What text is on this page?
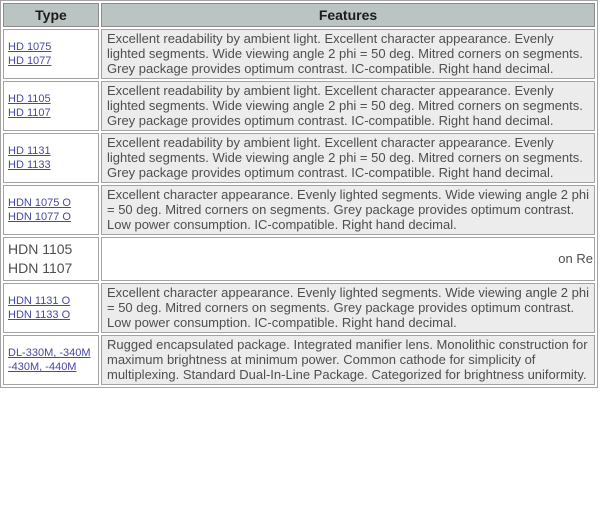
Type	Features

HD 1075
HD 1077	Excellent readability by ambient light. Excellent character appearance. Evenly lighted segments. Wide viewing angle 2 phi = 50 deg. Mitred corners on segments. Grey package provides optimum contrast. IC-compatible. Right hand decimal.

HD 1105
HD 1107	Excellent readability by ambient light. Excellent character appearance. Evenly lighted segments. Wide viewing angle 2 phi = 50 deg. Mitred corners on segments. Grey package provides optimum contrast. IC-compatible. Right hand decimal.

HD 1131
HD 1133	Excellent readability by ambient light. Excellent character appearance. Evenly lighted segments. Wide viewing angle 2 phi = 50 deg. Mitred corners on segments. Grey package provides optimum contrast. IC-compatible. Right hand decimal.

HDN 1075 O
HDN 1077 O	Excellent character appearance. Evenly lighted segments. Wide viewing angle 2 phi = 50 deg. Mitred corners on segments. Grey package provides optimum contrast. Low power consumption. IC-compatible. Right hand decimal.

HDN 1105
HDN 1107	on Re

HDN 1131 O
HDN 1133 O	Excellent character appearance. Evenly lighted segments. Wide viewing angle 2 phi = 50 deg. Mitred corners on segments. Grey package provides optimum contrast. Low power consumption. IC-compatible. Right hand decimal.

DL-330M, -340M
-430M, -440M	Rugged encapsulated package. Integrated manifier lens. Monolithic construction for maximum brightness at minimum power. Common cathode for simplicity of multiplexing. Standard Dual-In-Line Package. Categorized for brightness uniformity.
